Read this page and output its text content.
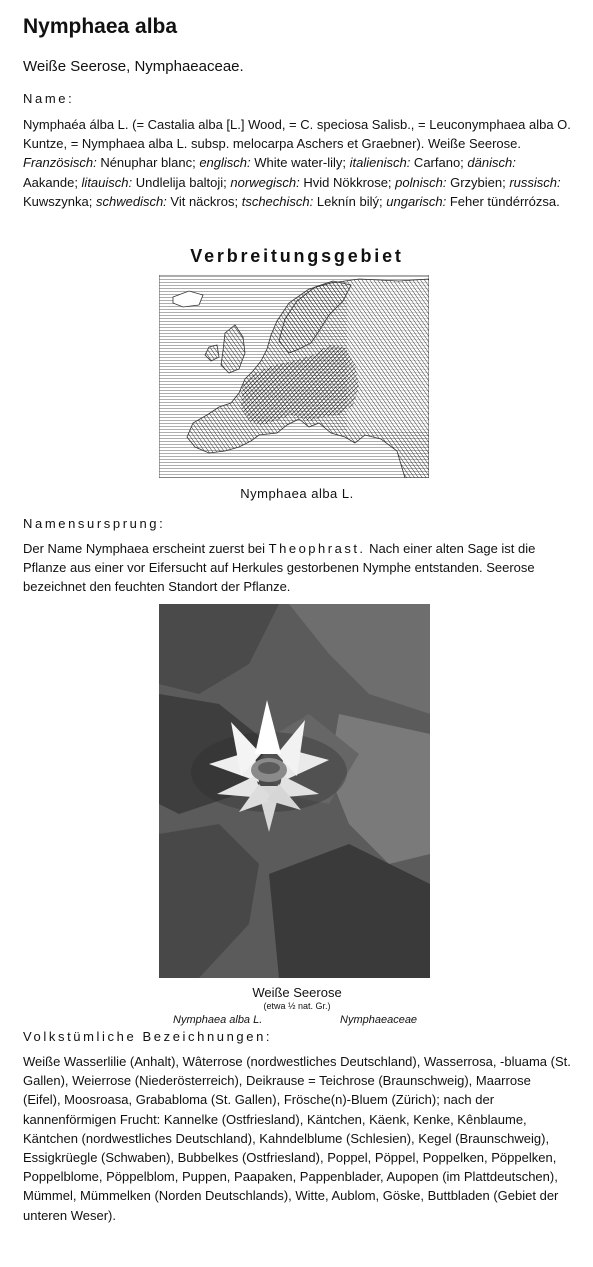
Nymphaea alba
Weiße Seerose, Nymphaeaceae.
Name:
Nymphaéa álba L. (= Castalia alba [L.] Wood, = C. speciosa Salisb., = Leuconymphaea alba O. Kuntze, = Nymphaea alba L. subsp. melocarpa Aschers et Graebner). Weiße Seerose. Französisch: Nénuphar blanc; englisch: White water-lily; italienisch: Carfano; dänisch: Aakande; litauisch: Undlelija baltoji; norwegisch: Hvid Nökkrose; polnisch: Grzybien; russisch: Kuwszynka; schwedisch: Vit näckros; tschechisch: Leknín bilý; ungarisch: Feher tündérrózsa.
Verbreitungsgebiet
Nymphaea alba L.
Namensursprung:
Der Name Nymphaea erscheint zuerst bei Theophrast. Nach einer alten Sage ist die Pflanze aus einer vor Eifersucht auf Herkules gestorbenen Nymphe entstanden. Seerose bezeichnet den feuchten Standort der Pflanze.
Weiße Seerose
(etwa ½ nat. Gr.)
Nymphaea alba L.	Nymphaeaceae
Volkstümliche Bezeichnungen:
Weiße Wasserlilie (Anhalt), Wâterrose (nordwestliches Deutschland), Wasserrosa, -bluama (St. Gallen), Weierrose (Niederösterreich), Deikrause = Teichrose (Braunschweig), Maarrose (Eifel), Moosroasa, Grababloma (St. Gallen), Frösche(n)-Bluem (Zürich); nach der kannenförmigen Frucht: Kannelke (Ostfriesland), Käntchen, Käenk, Kenke, Kênblaume, Käntchen (nordwestliches Deutschland), Kahndelblume (Schlesien), Kegel (Braunschweig), Essigkrüegle (Schwaben), Bubbelkes (Ostfriesland), Poppel, Pöppel, Poppelken, Pöppelken, Poppelblome, Pöppelblom, Puppen, Paapaken, Pappenblader, Aupopen (im Plattdeutschen), Mümmel, Mümmelken (Norden Deutschlands), Witte, Aublom, Göske, Buttbladen (Gebiet der unteren Weser).
